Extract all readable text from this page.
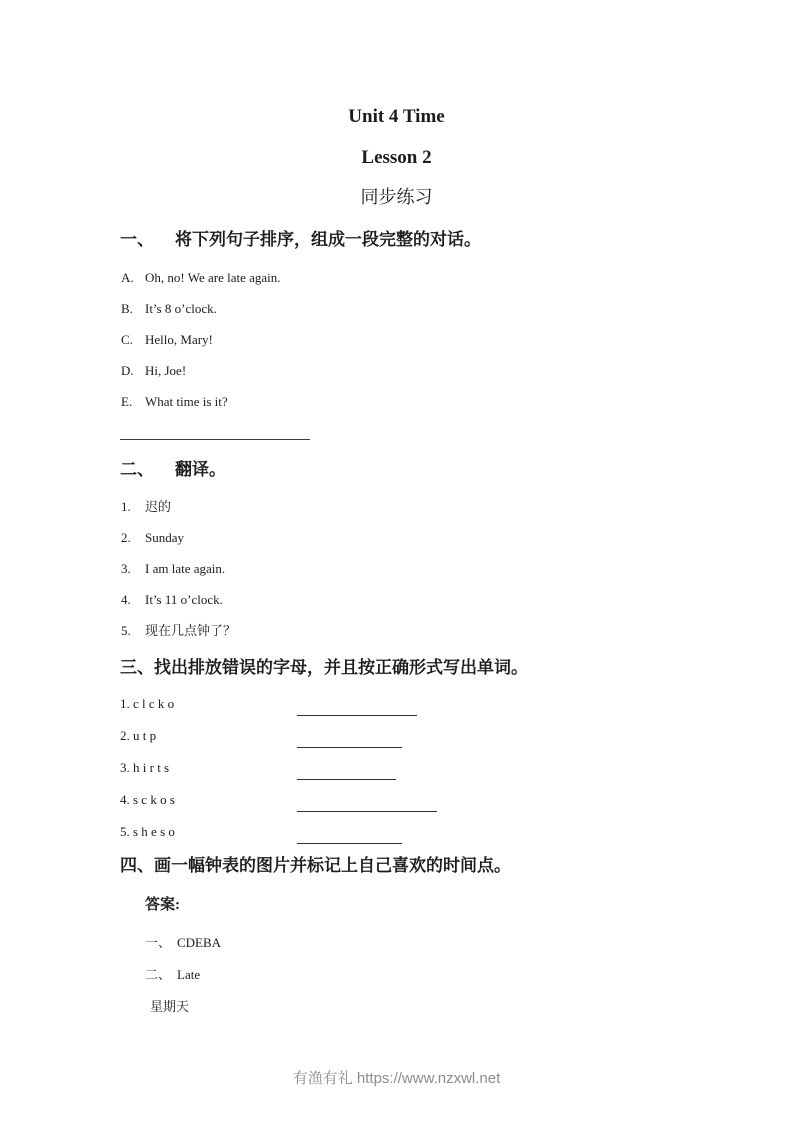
Unit 4 Time
Lesson 2
同步练习
一、	将下列句子排序，组成一段完整的对话。
A. Oh, no! We are late again.
B. It’s 8 o’clock.
C. Hello, Mary!
D. Hi, Joe!
E. What time is it?
二、	翻译。
1.	迟的
2.	Sunday
3.	I am late again.
4.	It’s 11 o’clock.
5.	现在几点钟了？
三、找出排放错误的字母，并且按正确形式写出单词。
1. c l c k o
2. u t p
3. h i r t s
4. s c k o s
5. s h e s o
四、画一幅钟表的图片并标记上自己喜欢的时间点。
答案:
一、 CDEBA
二、 Late
星期天
有渔有礼 https://www.nzxwl.net
